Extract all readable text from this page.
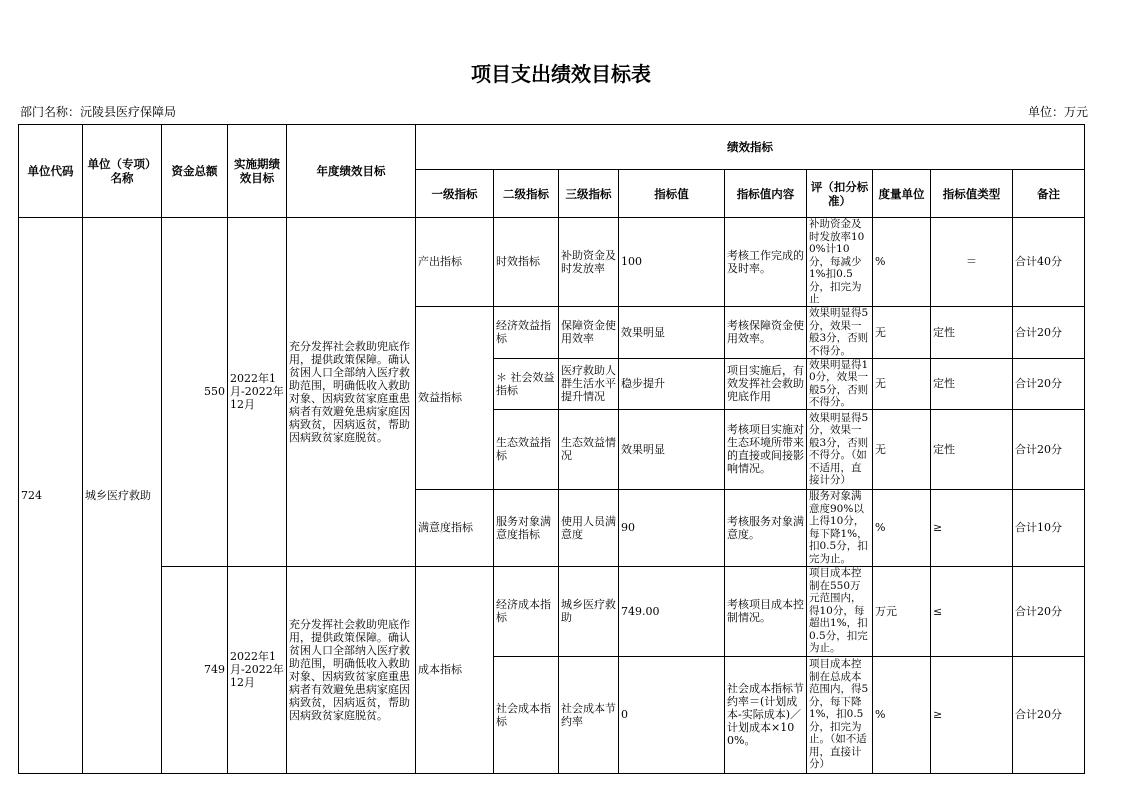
项目支出绩效目标表
部门名称：沅陵县医疗保障局	单位：万元
单位代码	单位（专项）名称	资金总额	实施期绩效目标	年度绩效目标	绩效指标								
					一级指标	二级指标	三级指标	指标值	指标值内容	评（扣分标准）	度量单位	指标值类型	备注
724	城乡医疗救助	550	2022年1月-2022年12月	充分发挥社会救助兜底作用，提供政策保障。确认贫困人口全部纳入医疗救助范围，明确低收入救助对象、因病致贫家庭重患病者有效避免患病家庭因病致贫，因病返贫，帮助因病致贫家庭脱贫。	产出指标	时效指标	补助资金及时发放率	100	考核工作完成的及时率。	补助资金及时发放率100%计10分，每减少1%扣0.5分，扣完为止	%	＝	合计40分
					效益指标	经济效益指标	保障资金使用效率	效果明显	考核保障资金使用效率。	效果明显得5分，效果一般3分，否则不得分。	无	定性	合计20分
						＊ 社会效益指标	医疗救助人群生活水平提升情况	稳步提升	项目实施后，有效发挥社会救助兜底作用	效果明显得10分，效果一般5分，否则不得分。	无	定性	合计20分
						生态效益指标	生态效益情况	效果明显	考核项目实施对生态环境所带来的直接或间接影响情况。	效果明显得5分，效果一般3分，否则不得分。（如不适用，直接计分）	无	定性	合计20分
					满意度指标	服务对象满意度指标	使用人员满意度	90	考核服务对象满意度。	服务对象满意度90%以上得10分，每下降1%，扣0.5分，扣完为止。	%	≥	合计10分
		749	2022年1月-2022年12月	充分发挥社会救助兜底作用，提供政策保障。确认贫困人口全部纳入医疗救助范围，明确低收入救助对象、因病致贫家庭重患病者有效避免患病家庭因病致贫，因病返贫，帮助因病致贫家庭脱贫。	成本指标	经济成本指标	城乡医疗救助	749.00	考核项目成本控制情况。	项目成本控制在550万元范围内，得10分，每超出1%，扣0.5分，扣完为止。	万元	≤	合计20分
						社会成本指标	社会成本节约率	0	社会成本指标节约率＝(计划成本-实际成本)／计划成本×100%。	项目成本控制在总成本范围内，得5分，每下降1%，扣0.5分，扣完为止。（如不适用，直接计分）	%	≥	合计20分
